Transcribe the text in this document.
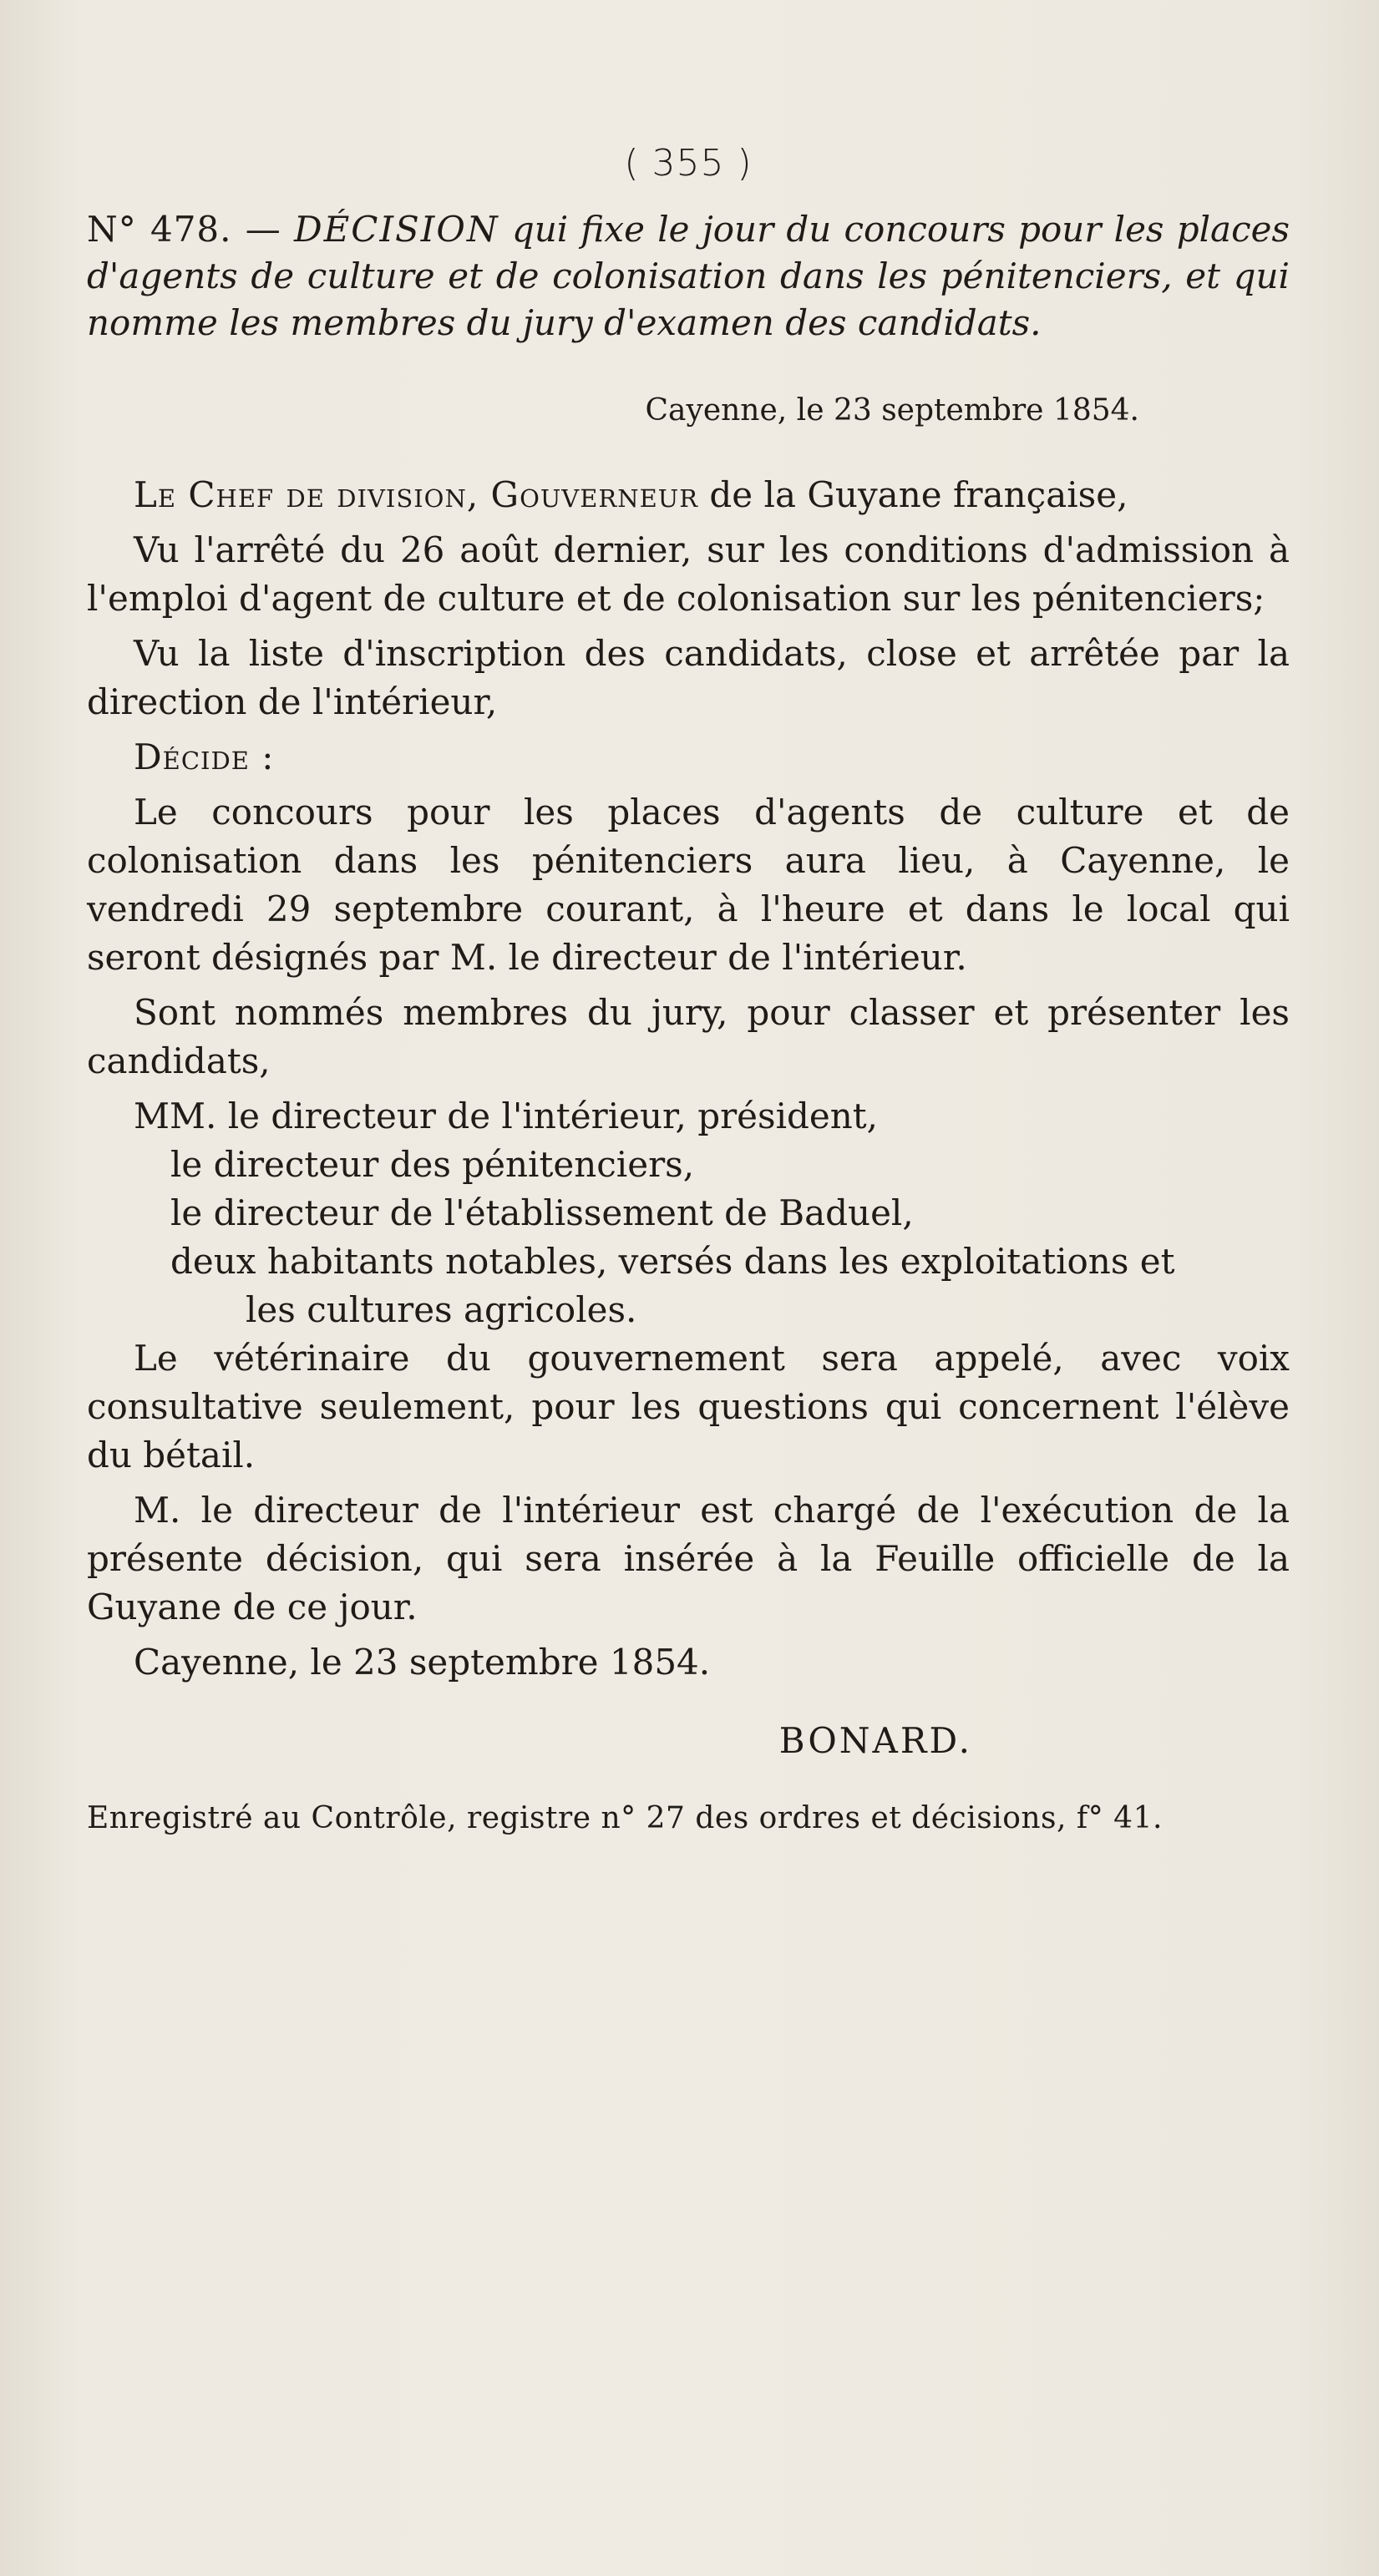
( 355 )
N° 478. — DÉCISION qui fixe le jour du concours pour les places d'agents de culture et de colonisation dans les pénitenciers, et qui nomme les membres du jury d'examen des candidats.
Cayenne, le 23 septembre 1854.

Le Chef de division, Gouverneur de la Guyane française,

Vu l'arrêté du 26 août dernier, sur les conditions d'admission à l'emploi d'agent de culture et de colonisation sur les pénitenciers;

Vu la liste d'inscription des candidats, close et arrêtée par la direction de l'intérieur,

Décide :

Le concours pour les places d'agents de culture et de colonisation dans les pénitenciers aura lieu, à Cayenne, le vendredi 29 septembre courant, à l'heure et dans le local qui seront désignés par M. le directeur de l'intérieur.

Sont nommés membres du jury, pour classer et présenter les candidats,

MM. le directeur de l'intérieur, président,
le directeur des pénitenciers,
le directeur de l'établissement de Baduel,
deux habitants notables, versés dans les exploitations et
les cultures agricoles.

Le vétérinaire du gouvernement sera appelé, avec voix consultative seulement, pour les questions qui concernent l'élève du bétail.

M. le directeur de l'intérieur est chargé de l'exécution de la présente décision, qui sera insérée à la Feuille officielle de la Guyane de ce jour.

Cayenne, le 23 septembre 1854.

BONARD.
Enregistré au Contrôle, registre n° 27 des ordres et décisions, f° 41.
